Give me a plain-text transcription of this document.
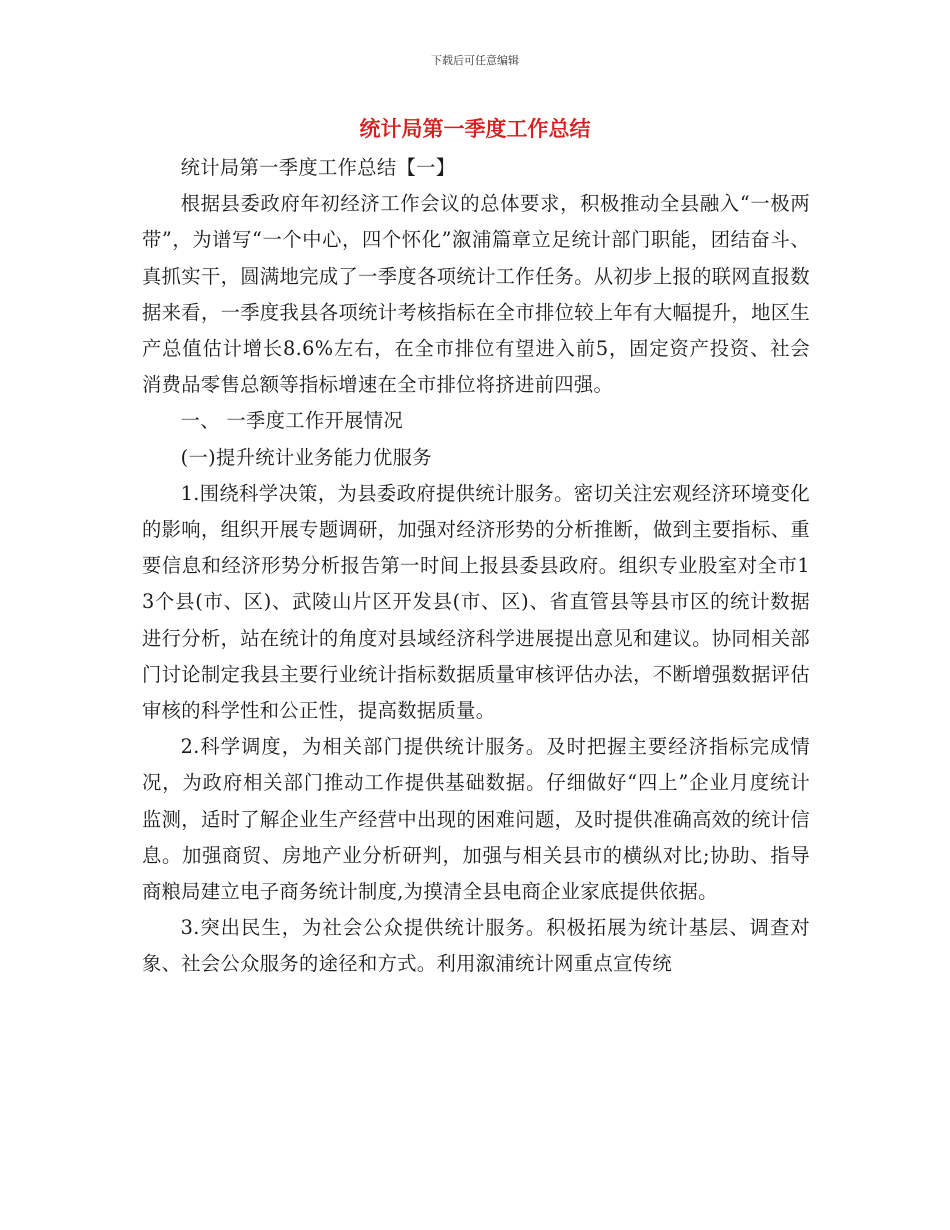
下载后可任意编辑
统计局第一季度工作总结

统计局第一季度工作总结【一】

根据县委政府年初经济工作会议的总体要求，积极推动全县融入“一极两带”，为谱写“一个中心，四个怀化”溆浦篇章立足统计部门职能，团结奋斗、真抓实干，圆满地完成了一季度各项统计工作任务。从初步上报的联网直报数据来看，一季度我县各项统计考核指标在全市排位较上年有大幅提升，地区生产总值估计增长8.6%左右，在全市排位有望进入前5，固定资产投资、社会消费品零售总额等指标增速在全市排位将挤进前四强。

一、 一季度工作开展情况

(一)提升统计业务能力优服务

1.围绕科学决策，为县委政府提供统计服务。密切关注宏观经济环境变化的影响，组织开展专题调研，加强对经济形势的分析推断，做到主要指标、重要信息和经济形势分析报告第一时间上报县委县政府。组织专业股室对全市13个县(市、区)、武陵山片区开发县(市、区)、省直管县等县市区的统计数据进行分析，站在统计的角度对县域经济科学进展提出意见和建议。协同相关部门讨论制定我县主要行业统计指标数据质量审核评估办法，不断增强数据评估审核的科学性和公正性，提高数据质量。

2.科学调度，为相关部门提供统计服务。及时把握主要经济指标完成情况，为政府相关部门推动工作提供基础数据。仔细做好“四上”企业月度统计监测，适时了解企业生产经营中出现的困难问题，及时提供准确高效的统计信息。加强商贸、房地产业分析研判，加强与相关县市的横纵对比;协助、指导商粮局建立电子商务统计制度,为摸清全县电商企业家底提供依据。

3.突出民生，为社会公众提供统计服务。积极拓展为统计基层、调查对象、社会公众服务的途径和方式。利用溆浦统计网重点宣传统
